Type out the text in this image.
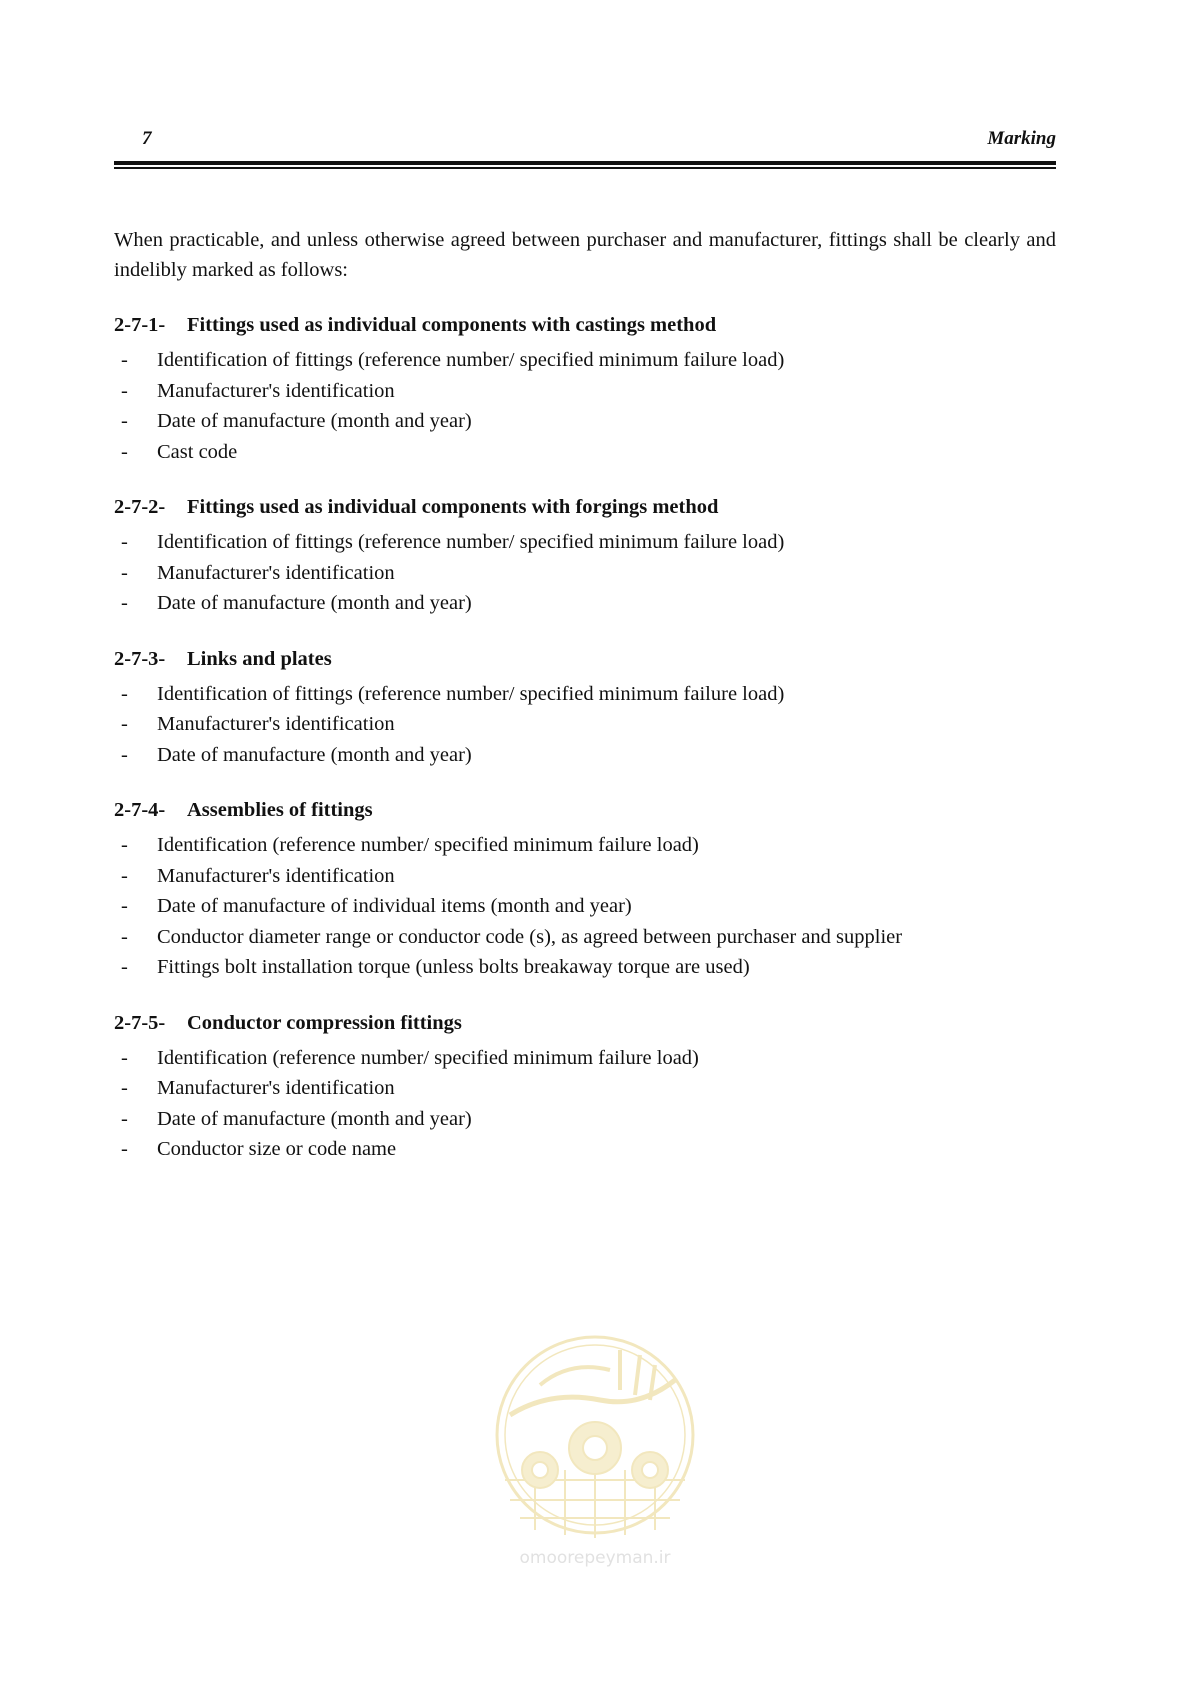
7	Marking

When practicable, and unless otherwise agreed between purchaser and manufacturer, fittings shall be clearly and indelibly marked as follows:

2-7-1- Fittings used as individual components with castings method
- Identification of fittings (reference number/ specified minimum failure load)
- Manufacturer's identification
- Date of manufacture (month and year)
- Cast code
2-7-2- Fittings used as individual components with forgings method
- Identification of fittings (reference number/ specified minimum failure load)
- Manufacturer's identification
- Date of manufacture (month and year)
2-7-3- Links and plates
- Identification of fittings (reference number/ specified minimum failure load)
- Manufacturer's identification
- Date of manufacture (month and year)
2-7-4- Assemblies of fittings
- Identification (reference number/ specified minimum failure load)
- Manufacturer's identification
- Date of manufacture of individual items (month and year)
- Conductor diameter range or conductor code (s), as agreed between purchaser and supplier
- Fittings bolt installation torque (unless bolts breakaway torque are used)
2-7-5- Conductor compression fittings
- Identification (reference number/ specified minimum failure load)
- Manufacturer's identification
- Date of manufacture (month and year)
- Conductor size or code name
omoorepeyman.ir
